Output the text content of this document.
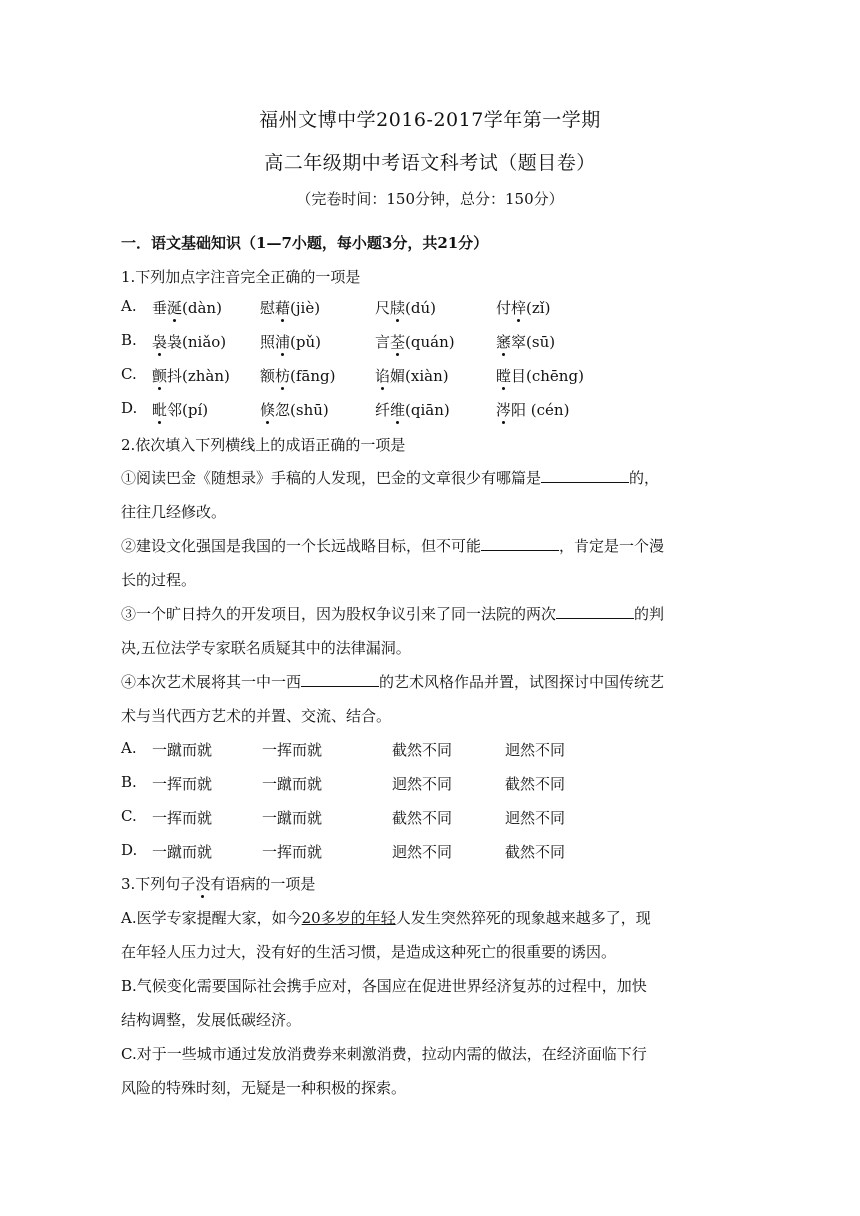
福州文博中学2016-2017学年第一学期
高二年级期中考语文科考试（题目卷）
（完卷时间：150分钟，总分：150分）
一．语文基础知识（1—7小题，每小题3分，共21分）
1.下列加点字注音完全正确的一项是
A. 垂涎(dàn)	慰藉(jiè)	尺牍(dú)	付梓(zǐ)
B. 袅袅(niǎo) 照浦(pǔ)	言荃(quán)	窸窣(sū)
C. 颤抖(zhàn) 额枋(fāng)	谄媚(xiàn)	瞠目(chēng)
D. 毗邻(pí)	倏忽(shū)	纤维(qiān)	涔阳 (cén)
2.依次填入下列横线上的成语正确的一项是
①阅读巴金《随想录》手稿的人发现，巴金的文章很少有哪篇是	的，
往往几经修改。
②建设文化强国是我国的一个长远战略目标，但不可能	，肯定是一个漫
长的过程。
③一个旷日持久的开发项目，因为股权争议引来了同一法院的两次	的判
决,五位法学专家联名质疑其中的法律漏洞。
④本次艺术展将其一中一西	的艺术风格作品并置，试图探讨中国传统艺
术与当代西方艺术的并置、交流、结合。
A. 一蹴而就	一挥而就	截然不同	迥然不同
B. 一挥而就	一蹴而就	迥然不同	截然不同
C. 一挥而就	一蹴而就	截然不同	迥然不同
D. 一蹴而就	一挥而就	迥然不同	截然不同
3.下列句子没有语病的一项是
A.医学专家提醒大家，如今20多岁的年轻人发生突然猝死的现象越来越多了，现
在年轻人压力过大，没有好的生活习惯，是造成这种死亡的很重要的诱因。
B.气候变化需要国际社会携手应对，各国应在促进世界经济复苏的过程中，加快
结构调整，发展低碳经济。
C.对于一些城市通过发放消费券来刺激消费，拉动内需的做法，在经济面临下行
风险的特殊时刻，无疑是一种积极的探索。
